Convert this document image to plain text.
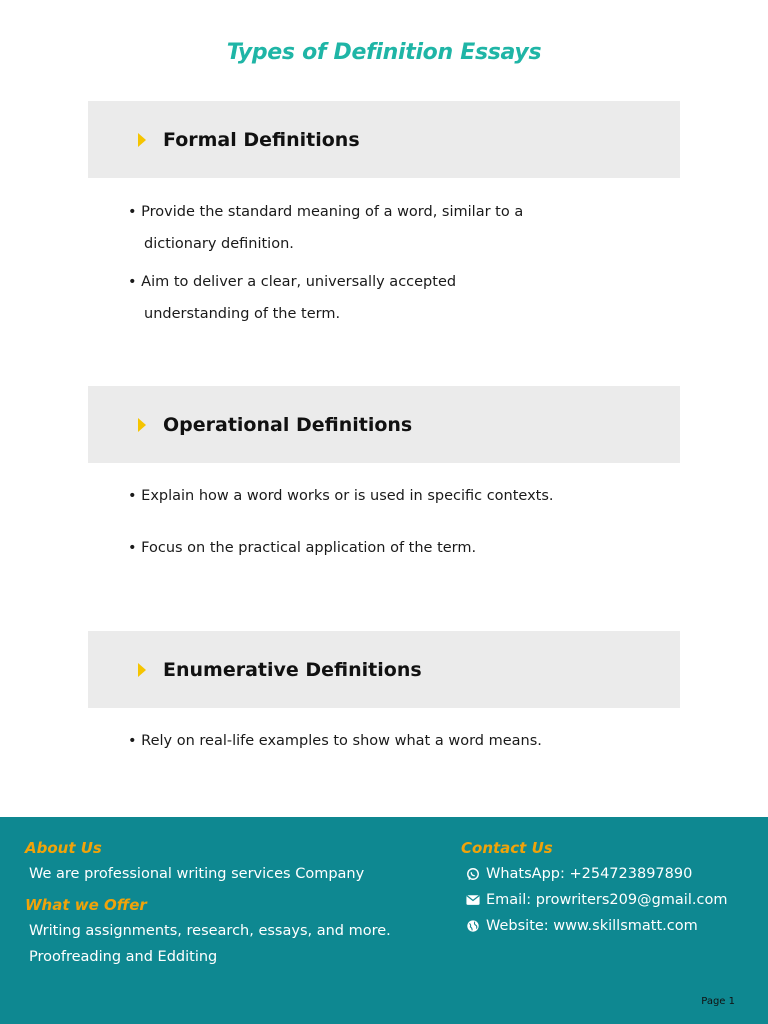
Types of Definition Essays
Formal Definitions
• Provide the standard meaning of a word, similar to a
dictionary definition.
• Aim to deliver a clear, universally accepted
understanding of the term.
Operational Definitions
• Explain how a word works or is used in specific contexts.
• Focus on the practical application of the term.
Enumerative Definitions
• Rely on real-life examples to show what a word means.
About Us
We are professional writing services Company
What we Offer
Writing assignments, research, essays, and more.
Proofreading and Edditing
Contact Us
WhatsApp: +254723897890
Email: prowriters209@gmail.com
Website: www.skillsmatt.com
Page 1
